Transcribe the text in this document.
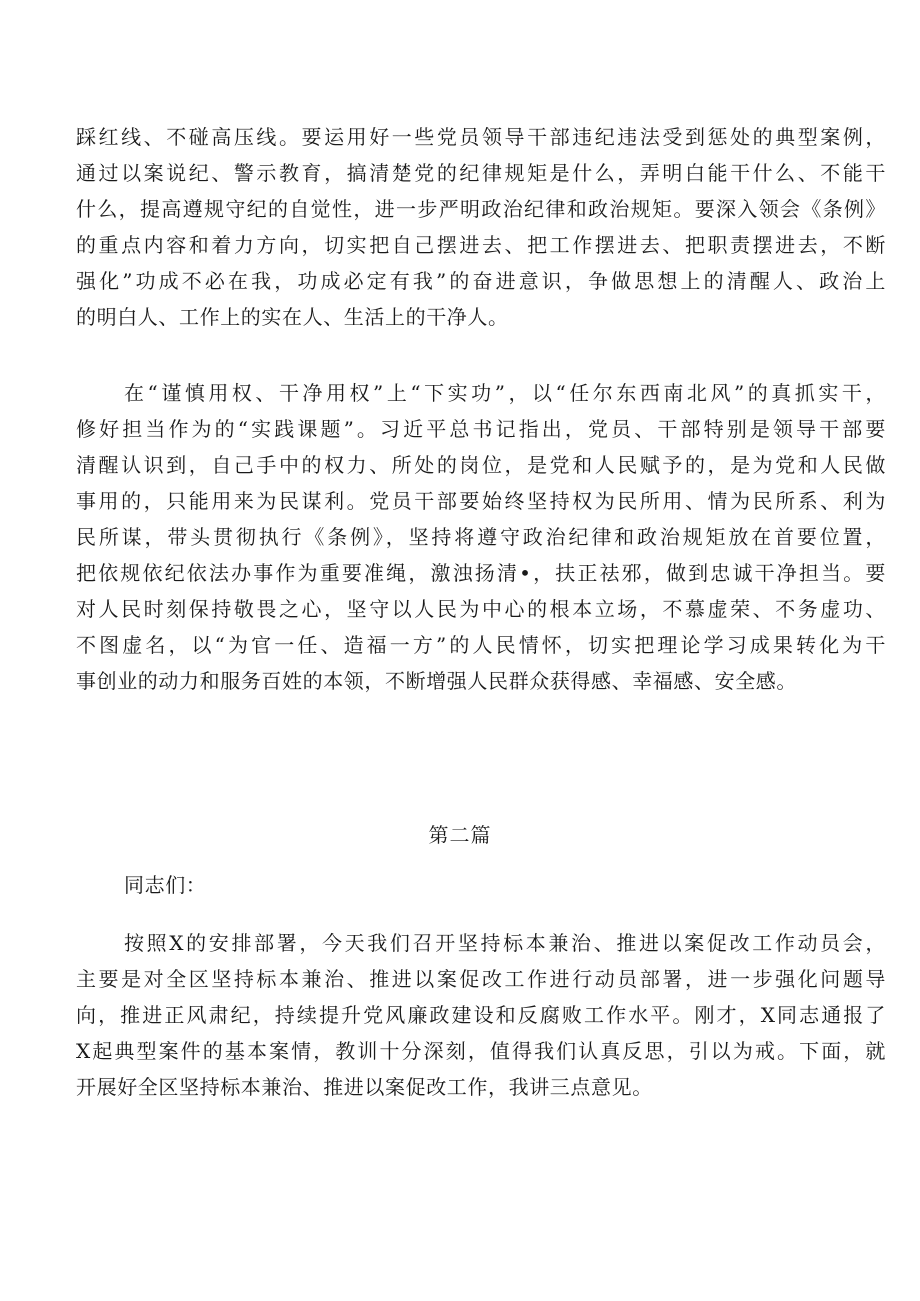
踩红线、不碰高压线。要运用好一些党员领导干部违纪违法受到惩处的典型案例，
通过以案说纪、警示教育，搞清楚党的纪律规矩是什么，弄明白能干什么、不能干
什么，提高遵规守纪的自觉性，进一步严明政治纪律和政治规矩。要深入领会《条例》
的重点内容和着力方向，切实把自己摆进去、把工作摆进去、把职责摆进去，不断
强化”功成不必在我，功成必定有我”的奋进意识，争做思想上的清醒人、政治上
的明白人、工作上的实在人、生活上的干净人。
在“谨慎用权、干净用权”上“下实功”，以“任尔东西南北风”的真抓实干，
修好担当作为的“实践课题”。习近平总书记指出，党员、干部特别是领导干部要
清醒认识到，自己手中的权力、所处的岗位，是党和人民赋予的，是为党和人民做
事用的，只能用来为民谋利。党员干部要始终坚持权为民所用、情为民所系、利为
民所谋，带头贯彻执行《条例》，坚持将遵守政治纪律和政治规矩放在首要位置，
把依规依纪依法办事作为重要准绳，激浊扬清•，扶正祛邪，做到忠诚干净担当。要
对人民时刻保持敬畏之心，坚守以人民为中心的根本立场，不慕虚荣、不务虚功、
不图虚名，以“为官一任、造福一方”的人民情怀，切实把理论学习成果转化为干
事创业的动力和服务百姓的本领，不断增强人民群众获得感、幸福感、安全感。
第二篇
同志们：
按照X的安排部署，今天我们召开坚持标本兼治、推进以案促改工作动员会，
主要是对全区坚持标本兼治、推进以案促改工作进行动员部署，进一步强化问题导
向，推进正风肃纪，持续提升党风廉政建设和反腐败工作水平。刚才，X同志通报了
X起典型案件的基本案情，教训十分深刻，值得我们认真反思，引以为戒。下面，就
开展好全区坚持标本兼治、推进以案促改工作，我讲三点意见。
